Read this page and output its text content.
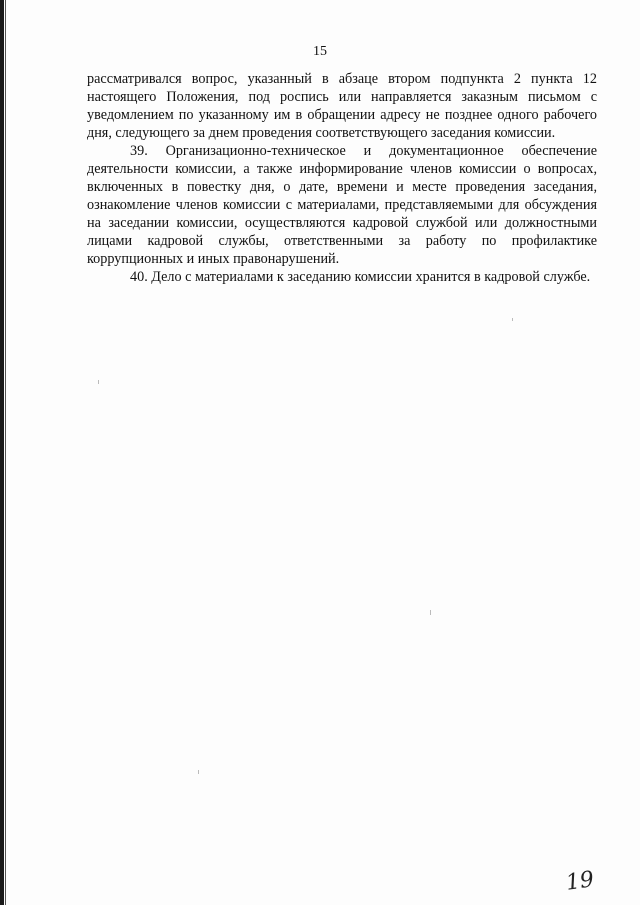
15

рассматривался вопрос, указанный в абзаце втором подпункта 2 пункта 12 настоящего Положения, под роспись или направляется заказным письмом с уведомлением по указанному им в обращении адресу не позднее одного рабочего дня, следующего за днем проведения соответствующего заседания комиссии.

39. Организационно-техническое и документационное обеспечение деятельности комиссии, а также информирование членов комиссии о вопросах, включенных в повестку дня, о дате, времени и месте проведения заседания, ознакомление членов комиссии с материалами, представляемыми для обсуждения на заседании комиссии, осуществляются кадровой службой или должностными лицами кадровой службы, ответственными за работу по профилактике коррупционных и иных правонарушений.

40. Дело с материалами к заседанию комиссии хранится в кадровой службе.

19
